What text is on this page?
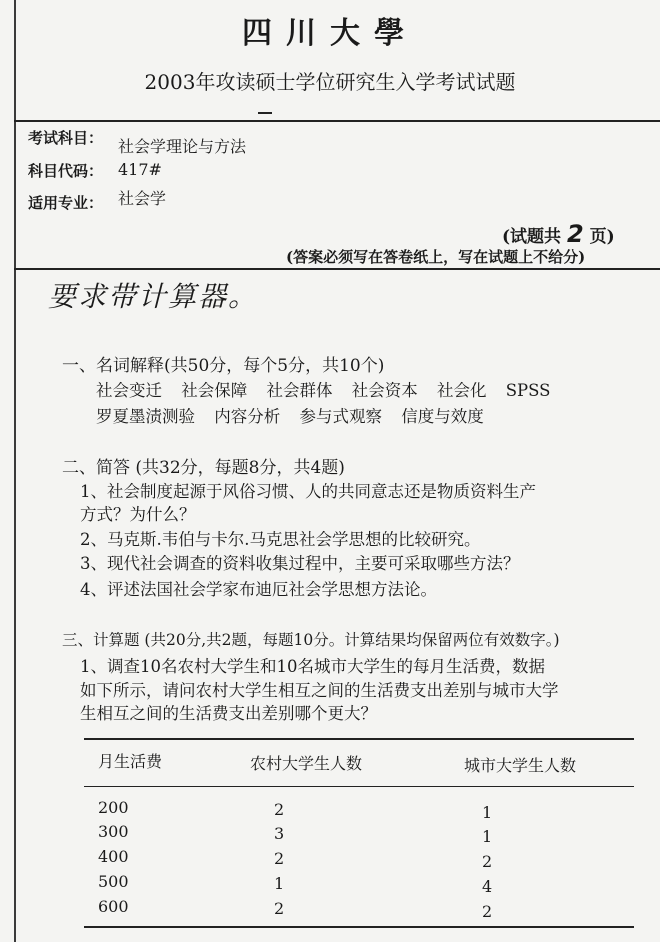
四川大學
2003年攻读硕士学位研究生入学考试试题
考试科目： 社会学理论与方法
科目代码： 417#
适用专业： 社会学
(试题共 2 页)
(答案必须写在答卷纸上，写在试题上不给分)
要求带计算器。
一、名词解释(共50分，每个5分，共10个)
社会变迁 社会保障 社会群体 社会资本 社会化 SPSS
罗夏墨渍测验 内容分析 参与式观察 信度与效度
二、简答 (共32分，每题8分，共4题)
1、社会制度起源于风俗习惯、人的共同意志还是物质资料生产
方式？为什么？
2、马克斯.韦伯与卡尔.马克思社会学思想的比较研究。
3、现代社会调查的资料收集过程中，主要可采取哪些方法？
4、评述法国社会学家布迪厄社会学思想方法论。
三、计算题 (共20分,共2题，每题10分。计算结果均保留两位有效数字。)
1、调查10名农村大学生和10名城市大学生的每月生活费，数据
如下所示，请问农村大学生相互之间的生活费支出差别与城市大学
生相互之间的生活费支出差别哪个更大？
月生活费	农村大学生人数	城市大学生人数
200	2	1
300	3	1
400	2	2
500	1	4
600	2	2
